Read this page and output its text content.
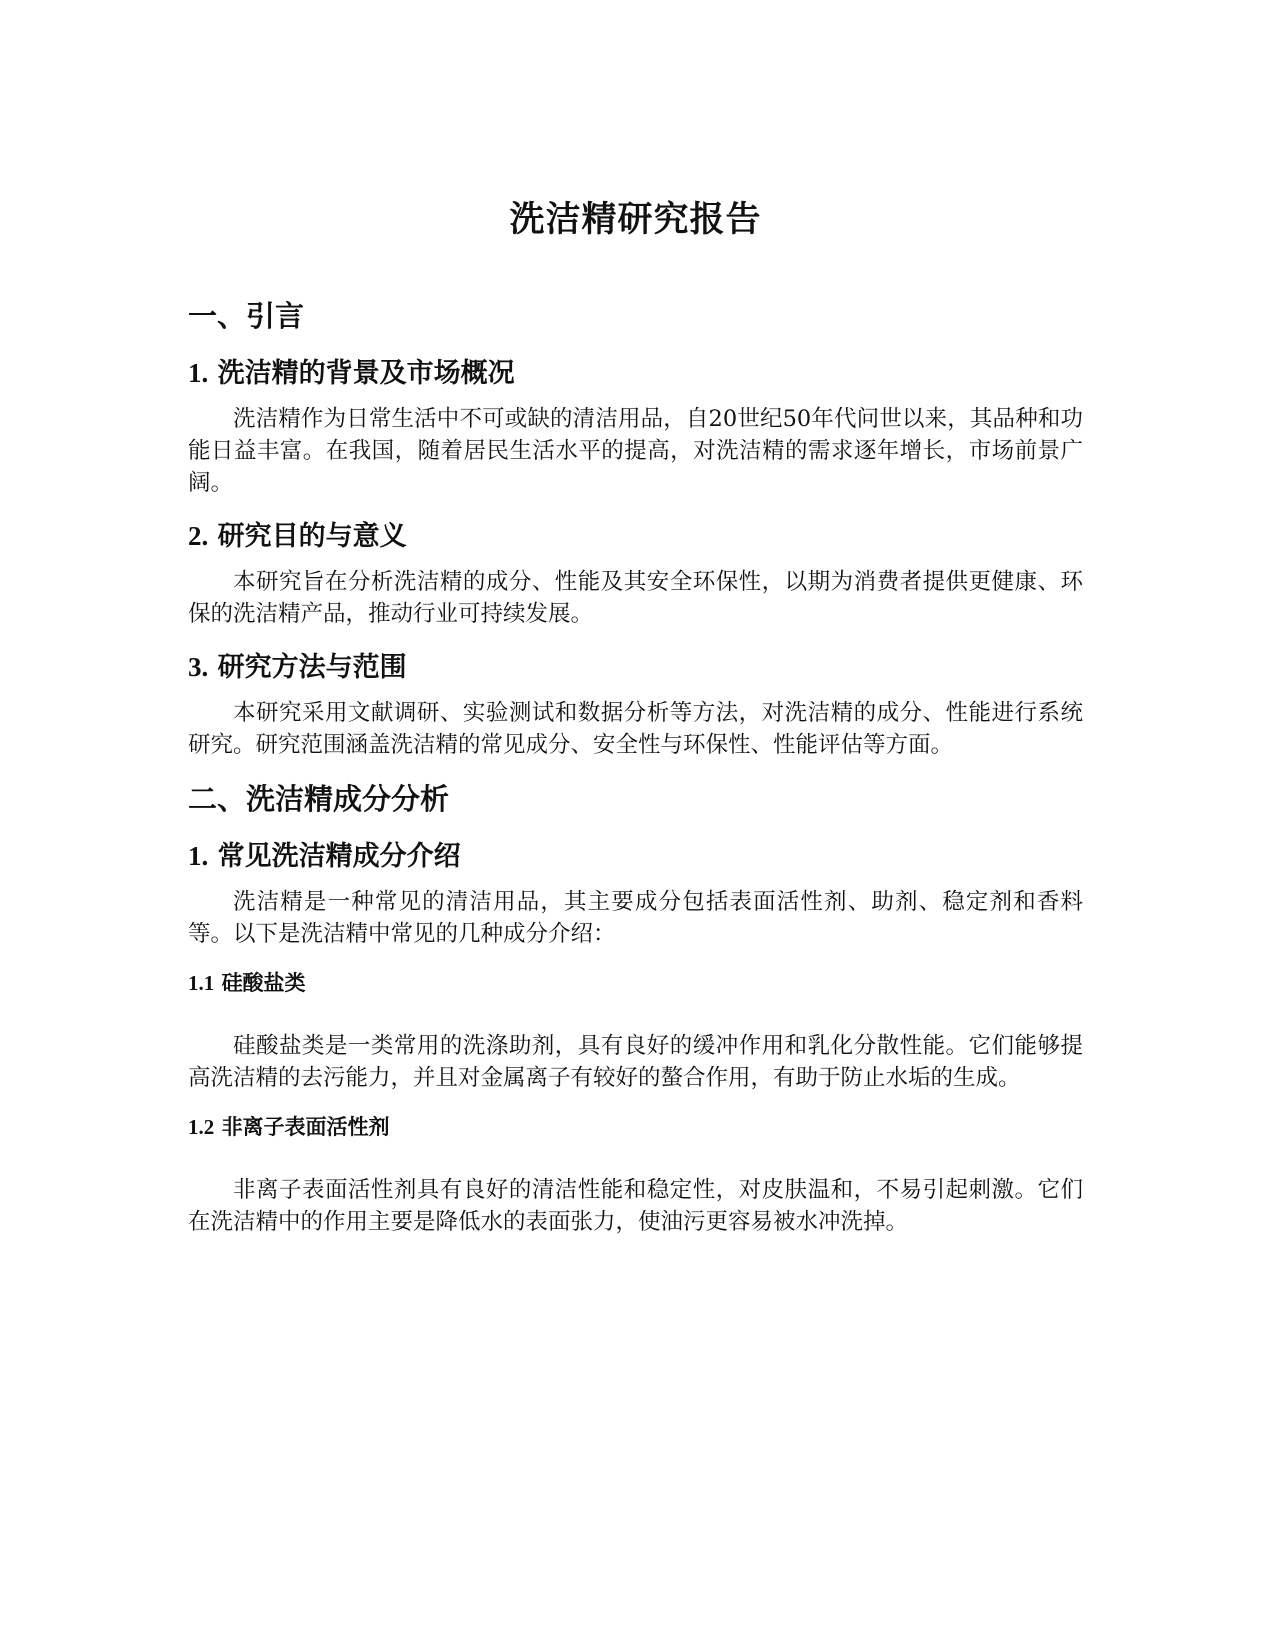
洗洁精研究报告
一、引言
1. 洗洁精的背景及市场概况

洗洁精作为日常生活中不可或缺的清洁用品，自20世纪50年代问世以来，其品种和功能日益丰富。在我国，随着居民生活水平的提高，对洗洁精的需求逐年增长，市场前景广阔。

2. 研究目的与意义

本研究旨在分析洗洁精的成分、性能及其安全环保性，以期为消费者提供更健康、环保的洗洁精产品，推动行业可持续发展。

3. 研究方法与范围

本研究采用文献调研、实验测试和数据分析等方法，对洗洁精的成分、性能进行系统研究。研究范围涵盖洗洁精的常见成分、安全性与环保性、性能评估等方面。

二、洗洁精成分分析
1. 常见洗洁精成分介绍

洗洁精是一种常见的清洁用品，其主要成分包括表面活性剂、助剂、稳定剂和香料等。以下是洗洁精中常见的几种成分介绍：

1.1 硅酸盐类

硅酸盐类是一类常用的洗涤助剂，具有良好的缓冲作用和乳化分散性能。它们能够提高洗洁精的去污能力，并且对金属离子有较好的螯合作用，有助于防止水垢的生成。

1.2 非离子表面活性剂

非离子表面活性剂具有良好的清洁性能和稳定性，对皮肤温和，不易引起刺激。它们在洗洁精中的作用主要是降低水的表面张力，使油污更容易被水冲洗掉。
